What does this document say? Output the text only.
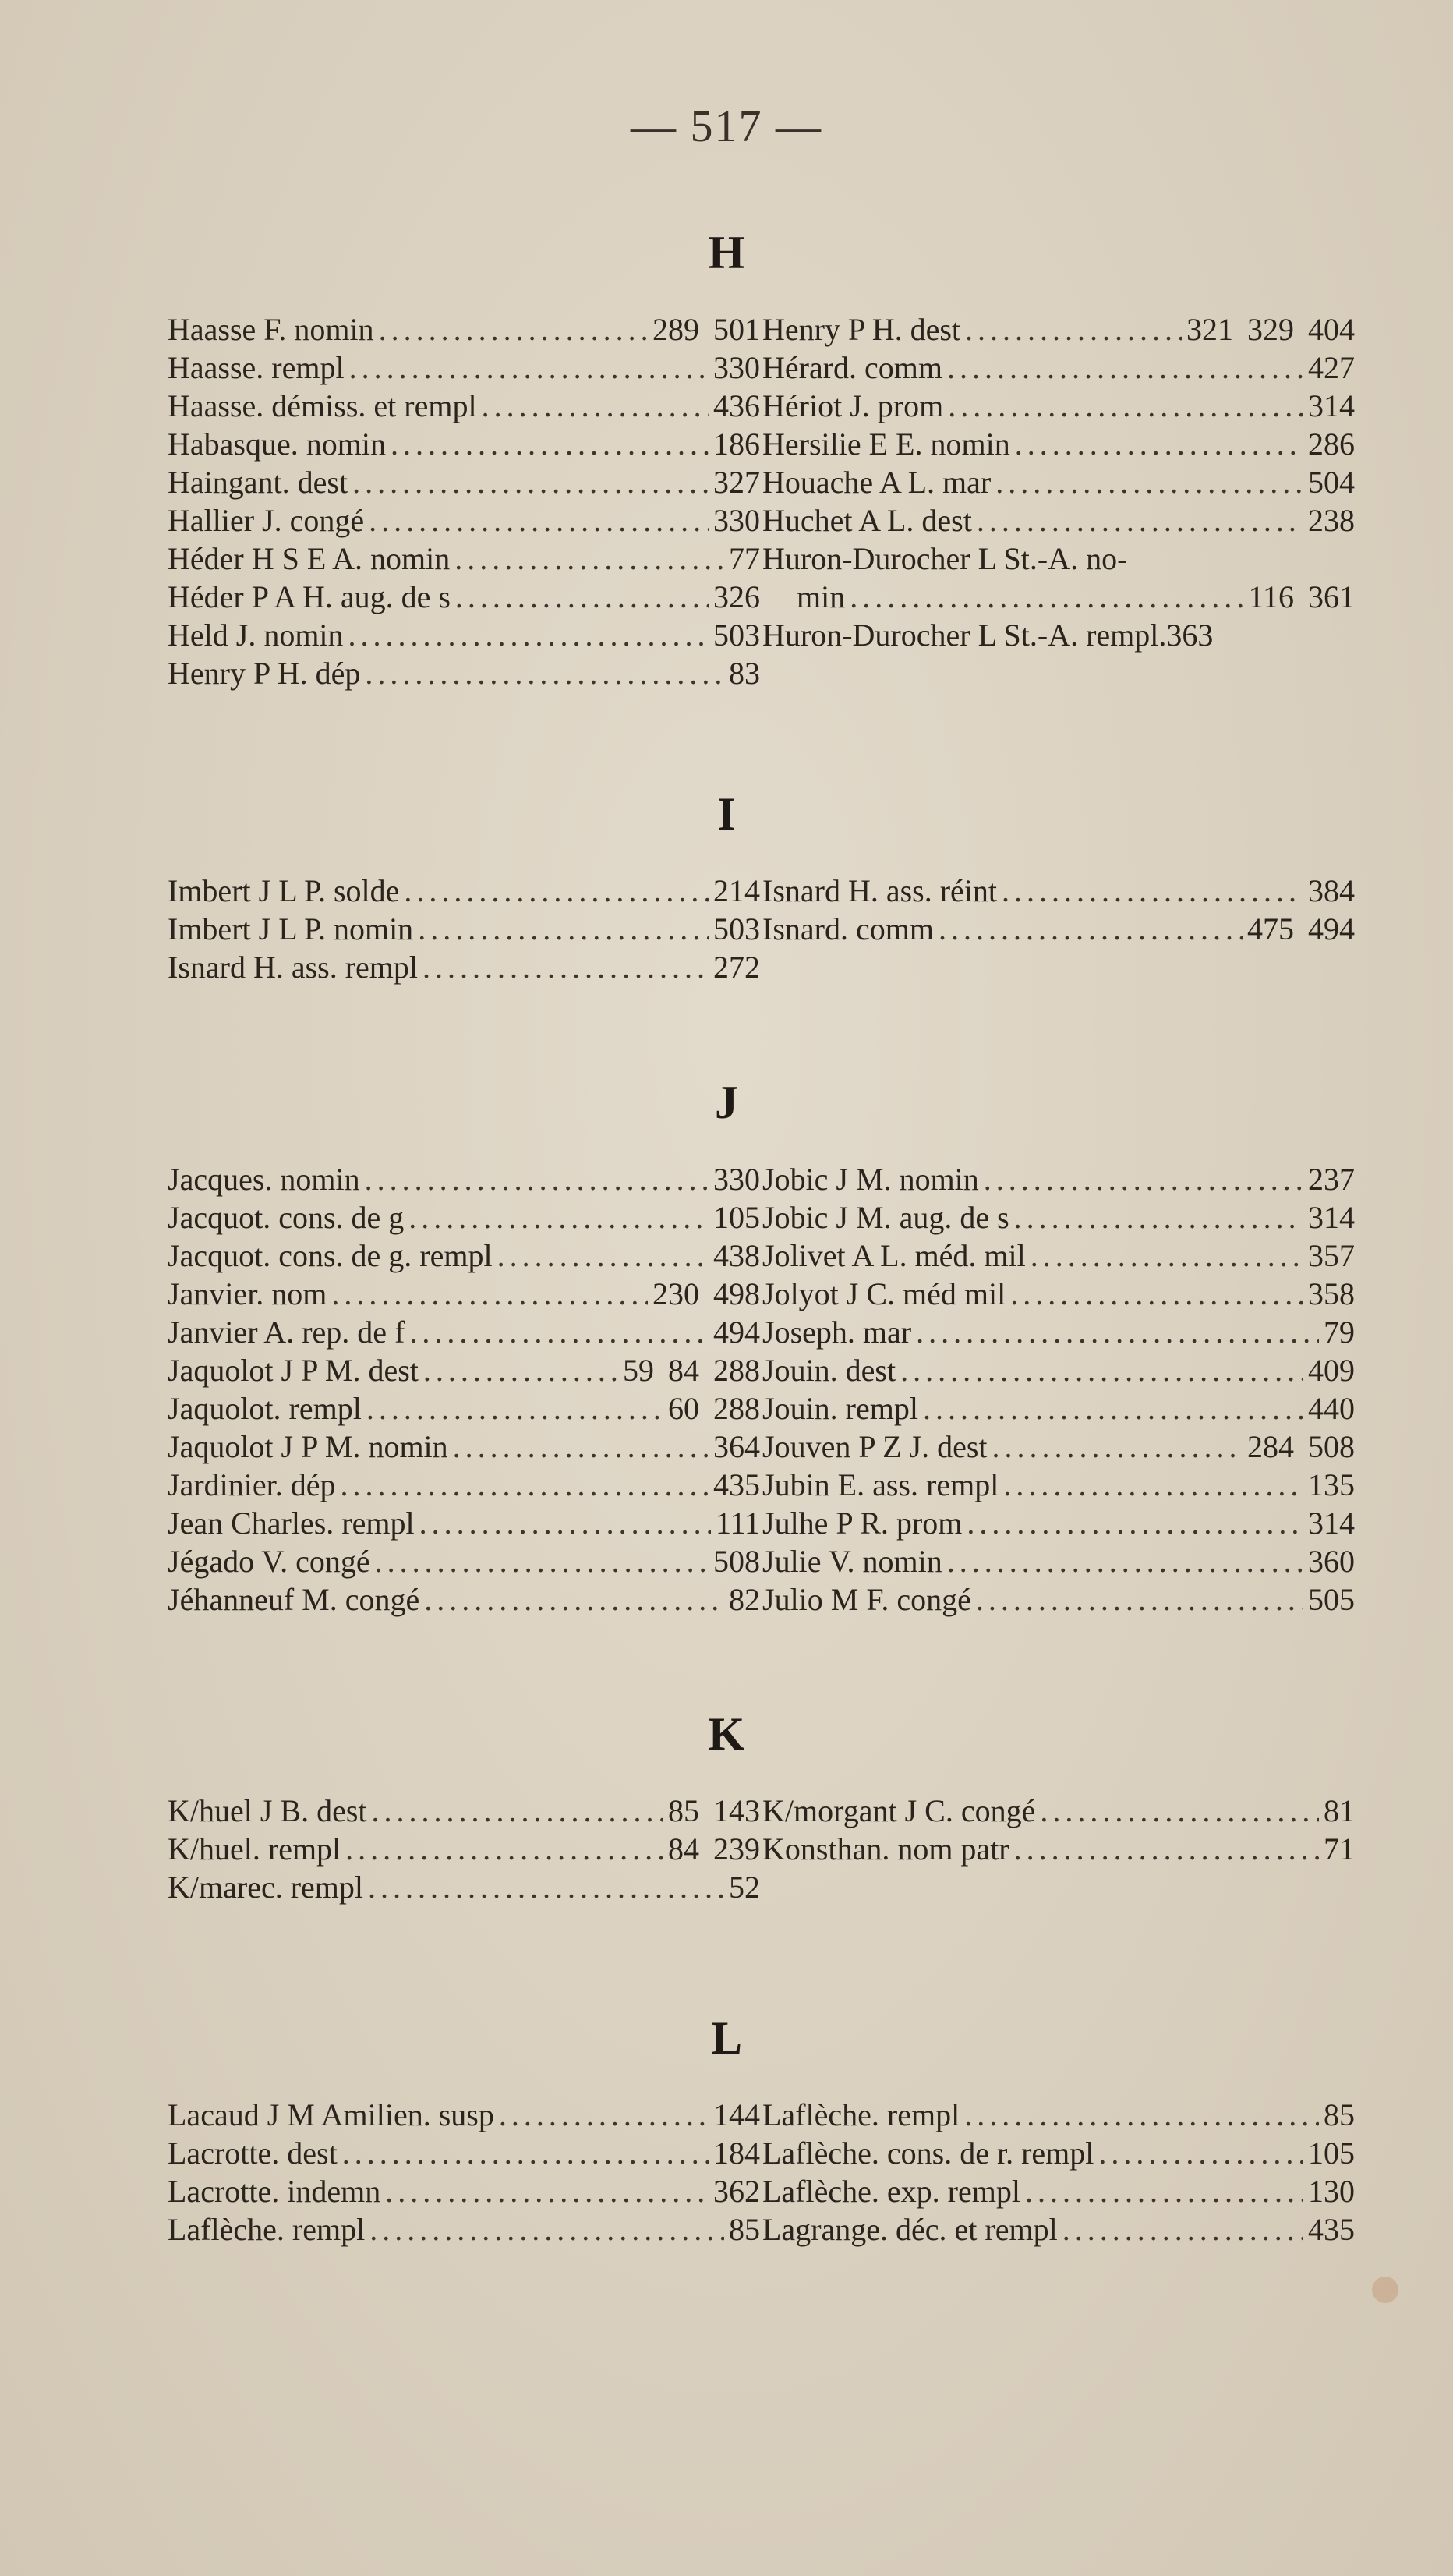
— 517 —
H
Haasse F. nomin .....	289 501
Haasse. rempl .....	330
Haasse. démiss. et rempl .....	436
Habasque. nomin .....	186
Haingant. dest .....	327
Hallier J. congé .....	330
Héder H S E A. nomin .....	77
Héder P A H. aug. de s .....	326
Held J. nomin .....	503
Henry P H. dép .....	83
Henry P H. dest .....	321 329 404
Hérard. comm .....	427
Hériot J. prom .....	314
Hersilie E E. nomin .....	286
Houache A L. mar .....	504
Huchet A L. dest .....	238
Huron-Durocher L St.-A. no-
min .....	116 361
Huron-Durocher L St.-A. rempl. 363
I
Imbert J L P. solde .....	214
Imbert J L P. nomin .....	503
Isnard H. ass. rempl .....	272
Isnard H. ass. réint .....	384
Isnard. comm .....	475 494
J
Jacques. nomin .....	330
Jacquot. cons. de g .....	105
Jacquot. cons. de g. rempl .....	438
Janvier. nom .....	230 498
Janvier A. rep. de f .....	494
Jaquolot J P M. dest .....	59 84 288
Jaquolot. rempl .....	60 288
Jaquolot J P M. nomin .....	364
Jardinier. dép .....	435
Jean Charles. rempl .....	111
Jégado V. congé .....	508
Jéhanneuf M. congé .....	82
Jobic J M. nomin .....	237
Jobic J M. aug. de s .....	314
Jolivet A L. méd. mil .....	357
Jolyot J C. méd mil .....	358
Joseph. mar .....	79
Jouin. dest .....	409
Jouin. rempl .....	440
Jouven P Z J. dest .....	284 508
Jubin E. ass. rempl .....	135
Julhe P R. prom .....	314
Julie V. nomin .....	360
Julio M F. congé .....	505
K
K/huel J B. dest .....	85 143
K/huel. rempl .....	84 239
K/marec. rempl .....	52
K/morgant J C. congé .....	81
Konsthan. nom patr .....	71
L
Lacaud J M Amilien. susp .....	144
Lacrotte. dest .....	184
Lacrotte. indemn .....	362
Laflèche. rempl .....	85
Laflèche. rempl .....	85
Laflèche. cons. de r. rempl .....	105
Laflèche. exp. rempl .....	130
Lagrange. déc. et rempl .....	435
